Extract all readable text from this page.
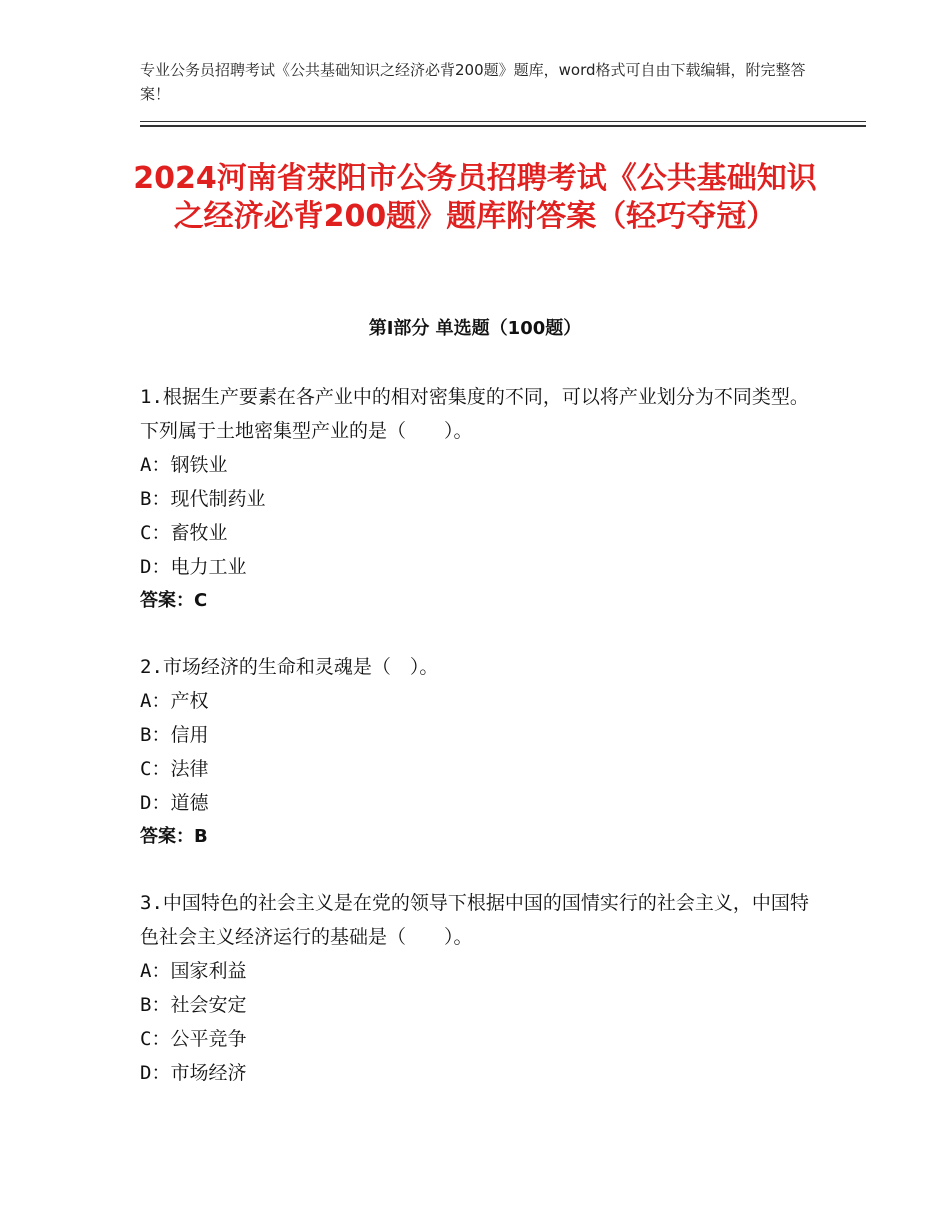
专业公务员招聘考试《公共基础知识之经济必背200题》题库，word格式可自由下载编辑，附完整答案！
2024河南省荥阳市公务员招聘考试《公共基础知识之经济必背200题》题库附答案（轻巧夺冠）
第Ⅰ部分 单选题（100题）

1.根据生产要素在各产业中的相对密集度的不同，可以将产业划分为不同类型。下列属于土地密集型产业的是（　　）。

A：钢铁业

B：现代制药业

C：畜牧业

D：电力工业

答案：C

2.市场经济的生命和灵魂是（　）。

A：产权

B：信用

C：法律

D：道德

答案：B

3.中国特色的社会主义是在党的领导下根据中国的国情实行的社会主义，中国特色社会主义经济运行的基础是（　　）。

A：国家利益

B：社会安定

C：公平竞争

D：市场经济
